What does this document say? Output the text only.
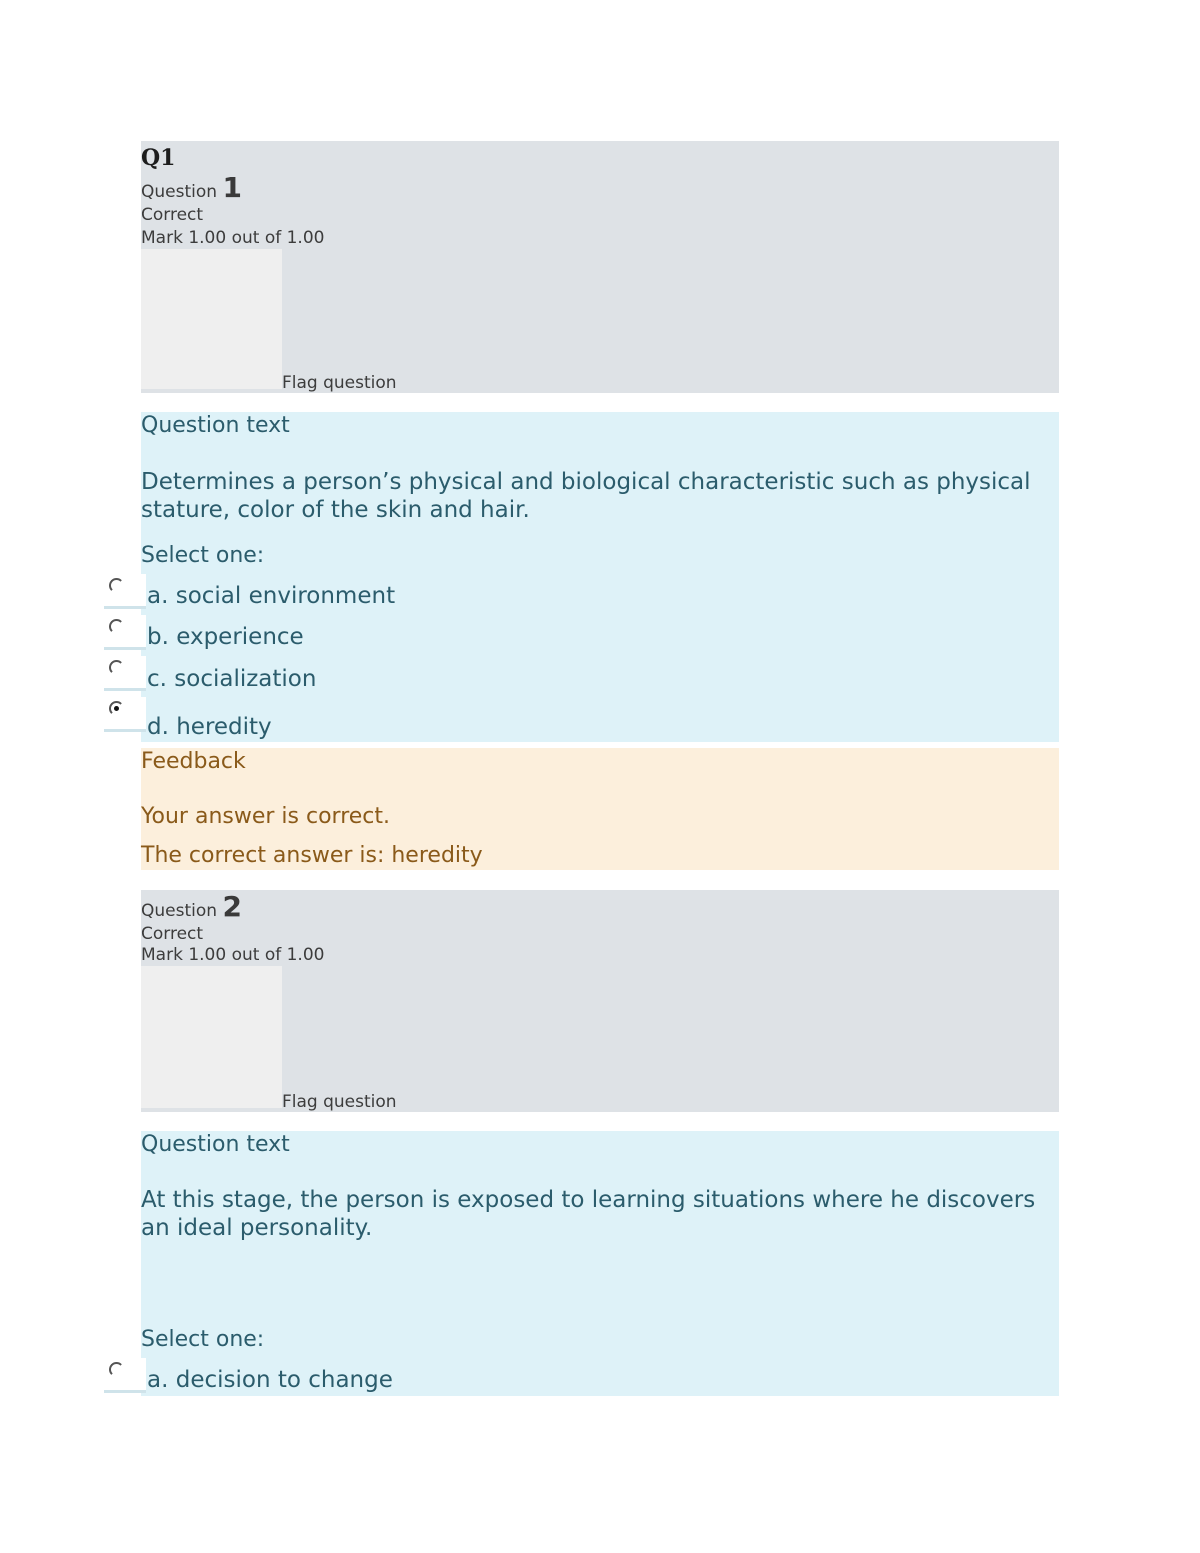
Q1
Question 1
Correct
Mark 1.00 out of 1.00
Flag question
Question text
Determines a person’s physical and biological characteristic such as physical stature, color of the skin and hair.
Select one:
a. social environment
b. experience
c. socialization
d. heredity
Feedback
Your answer is correct.
The correct answer is: heredity
Question 2
Correct
Mark 1.00 out of 1.00
Flag question
Question text
At this stage, the person is exposed to learning situations where he discovers an ideal personality.
Select one:
a. decision to change
